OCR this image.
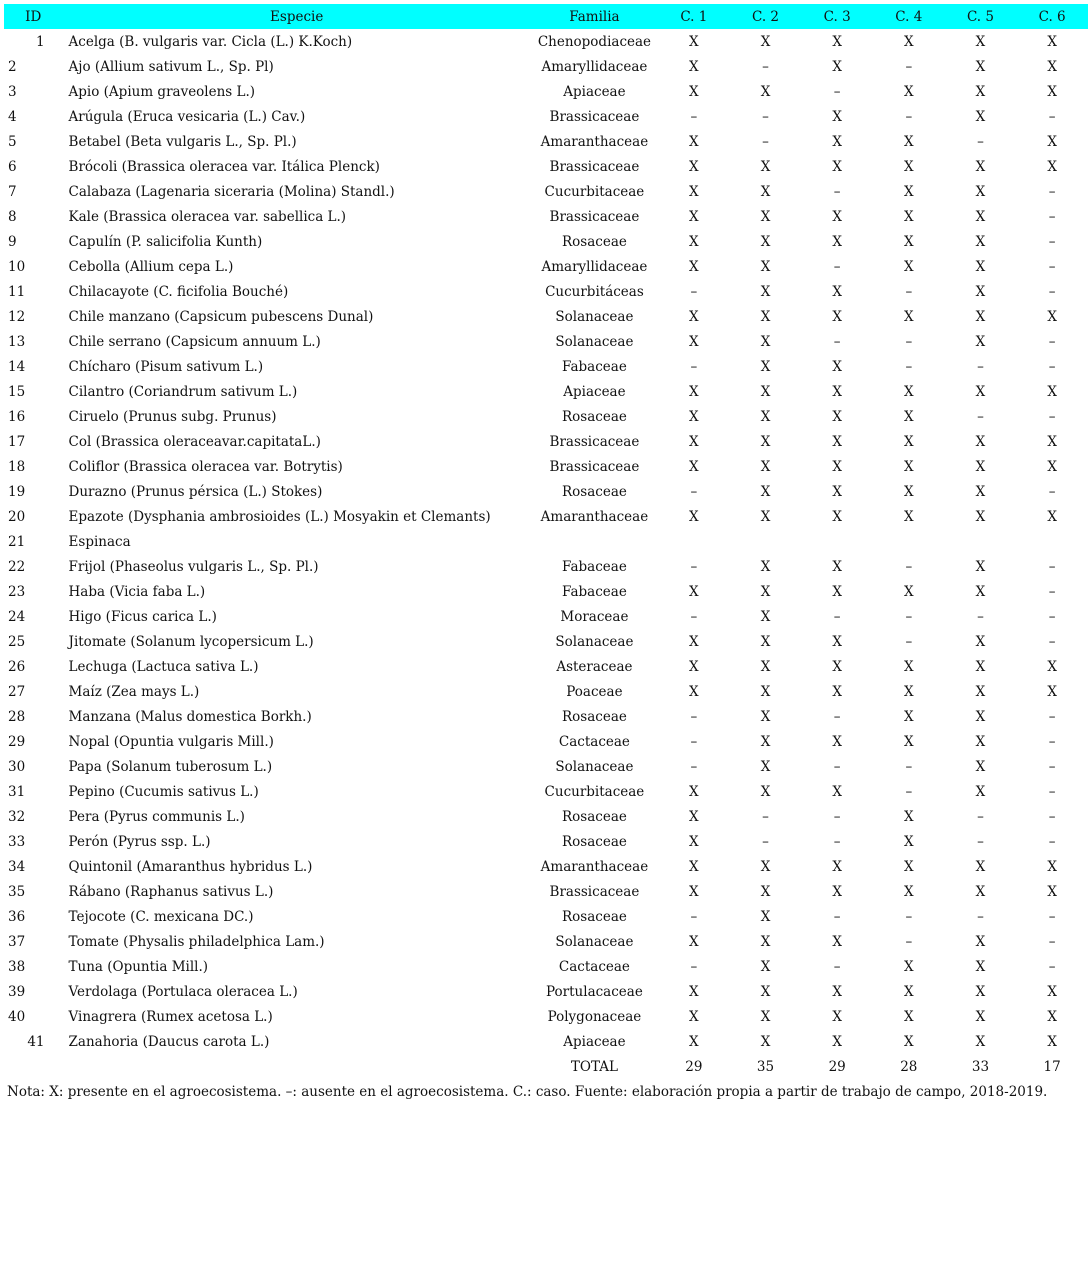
ID	Especie	Familia	C. 1	C. 2	C. 3	C. 4	C. 5	C. 6
1	Acelga (B. vulgaris var. Cicla (L.) K.Koch)	Chenopodiaceae	X	X	X	X	X	X
2	Ajo (Allium sativum L., Sp. Pl)	Amaryllidaceae	X	–	X	–	X	X
3	Apio (Apium graveolens L.)	Apiaceae	X	X	–	X	X	X
4	Arúgula (Eruca vesicaria (L.) Cav.)	Brassicaceae	–	–	X	–	X	–
5	Betabel (Beta vulgaris L., Sp. Pl.)	Amaranthaceae	X	–	X	X	–	X
6	Brócoli (Brassica oleracea var. Itálica Plenck)	Brassicaceae	X	X	X	X	X	X
7	Calabaza (Lagenaria siceraria (Molina) Standl.)	Cucurbitaceae	X	X	–	X	X	–
8	Kale (Brassica oleracea var. sabellica L.)	Brassicaceae	X	X	X	X	X	–
9	Capulín (P. salicifolia Kunth)	Rosaceae	X	X	X	X	X	–
10	Cebolla (Allium cepa L.)	Amaryllidaceae	X	X	–	X	X	–
11	Chilacayote (C. ficifolia Bouché)	Cucurbitáceas	–	X	X	–	X	–
12	Chile manzano (Capsicum pubescens Dunal)	Solanaceae	X	X	X	X	X	X
13	Chile serrano (Capsicum annuum L.)	Solanaceae	X	X	–	–	X	–
14	Chícharo (Pisum sativum L.)	Fabaceae	–	X	X	–	–	–
15	Cilantro (Coriandrum sativum L.)	Apiaceae	X	X	X	X	X	X
16	Ciruelo (Prunus subg. Prunus)	Rosaceae	X	X	X	X	–	–
17	Col (Brassica oleraceavar.capitataL.)	Brassicaceae	X	X	X	X	X	X
18	Coliflor (Brassica oleracea var. Botrytis)	Brassicaceae	X	X	X	X	X	X
19	Durazno (Prunus pérsica (L.) Stokes)	Rosaceae	–	X	X	X	X	–
20	Epazote (Dysphania ambrosioides (L.) Mosyakin et Clemants)	Amaranthaceae	X	X	X	X	X	X
21	Espinaca							
22	Frijol (Phaseolus vulgaris L., Sp. Pl.)	Fabaceae	–	X	X	–	X	–
23	Haba (Vicia faba L.)	Fabaceae	X	X	X	X	X	–
24	Higo (Ficus carica L.)	Moraceae	–	X	–	–	–	–
25	Jitomate (Solanum lycopersicum L.)	Solanaceae	X	X	X	–	X	–
26	Lechuga (Lactuca sativa L.)	Asteraceae	X	X	X	X	X	X
27	Maíz (Zea mays L.)	Poaceae	X	X	X	X	X	X
28	Manzana (Malus domestica Borkh.)	Rosaceae	–	X	–	X	X	–
29	Nopal (Opuntia vulgaris Mill.)	Cactaceae	–	X	X	X	X	–
30	Papa (Solanum tuberosum L.)	Solanaceae	–	X	–	–	X	–
31	Pepino (Cucumis sativus L.)	Cucurbitaceae	X	X	X	–	X	–
32	Pera (Pyrus communis L.)	Rosaceae	X	–	–	X	–	–
33	Perón (Pyrus ssp. L.)	Rosaceae	X	–	–	X	–	–
34	Quintonil (Amaranthus hybridus L.)	Amaranthaceae	X	X	X	X	X	X
35	Rábano (Raphanus sativus L.)	Brassicaceae	X	X	X	X	X	X
36	Tejocote (C. mexicana DC.)	Rosaceae	–	X	–	–	–	–
37	Tomate (Physalis philadelphica Lam.)	Solanaceae	X	X	X	–	X	–
38	Tuna (Opuntia Mill.)	Cactaceae	–	X	–	X	X	–
39	Verdolaga (Portulaca oleracea L.)	Portulacaceae	X	X	X	X	X	X
40	Vinagrera (Rumex acetosa L.)	Polygonaceae	X	X	X	X	X	X
41	Zanahoria (Daucus carota L.)	Apiaceae	X	X	X	X	X	X
		TOTAL	29	35	29	28	33	17
Nota: X: presente en el agroecosistema. –: ausente en el agroecosistema. C.: caso. Fuente: elaboración propia a partir de trabajo de campo, 2018-2019.
